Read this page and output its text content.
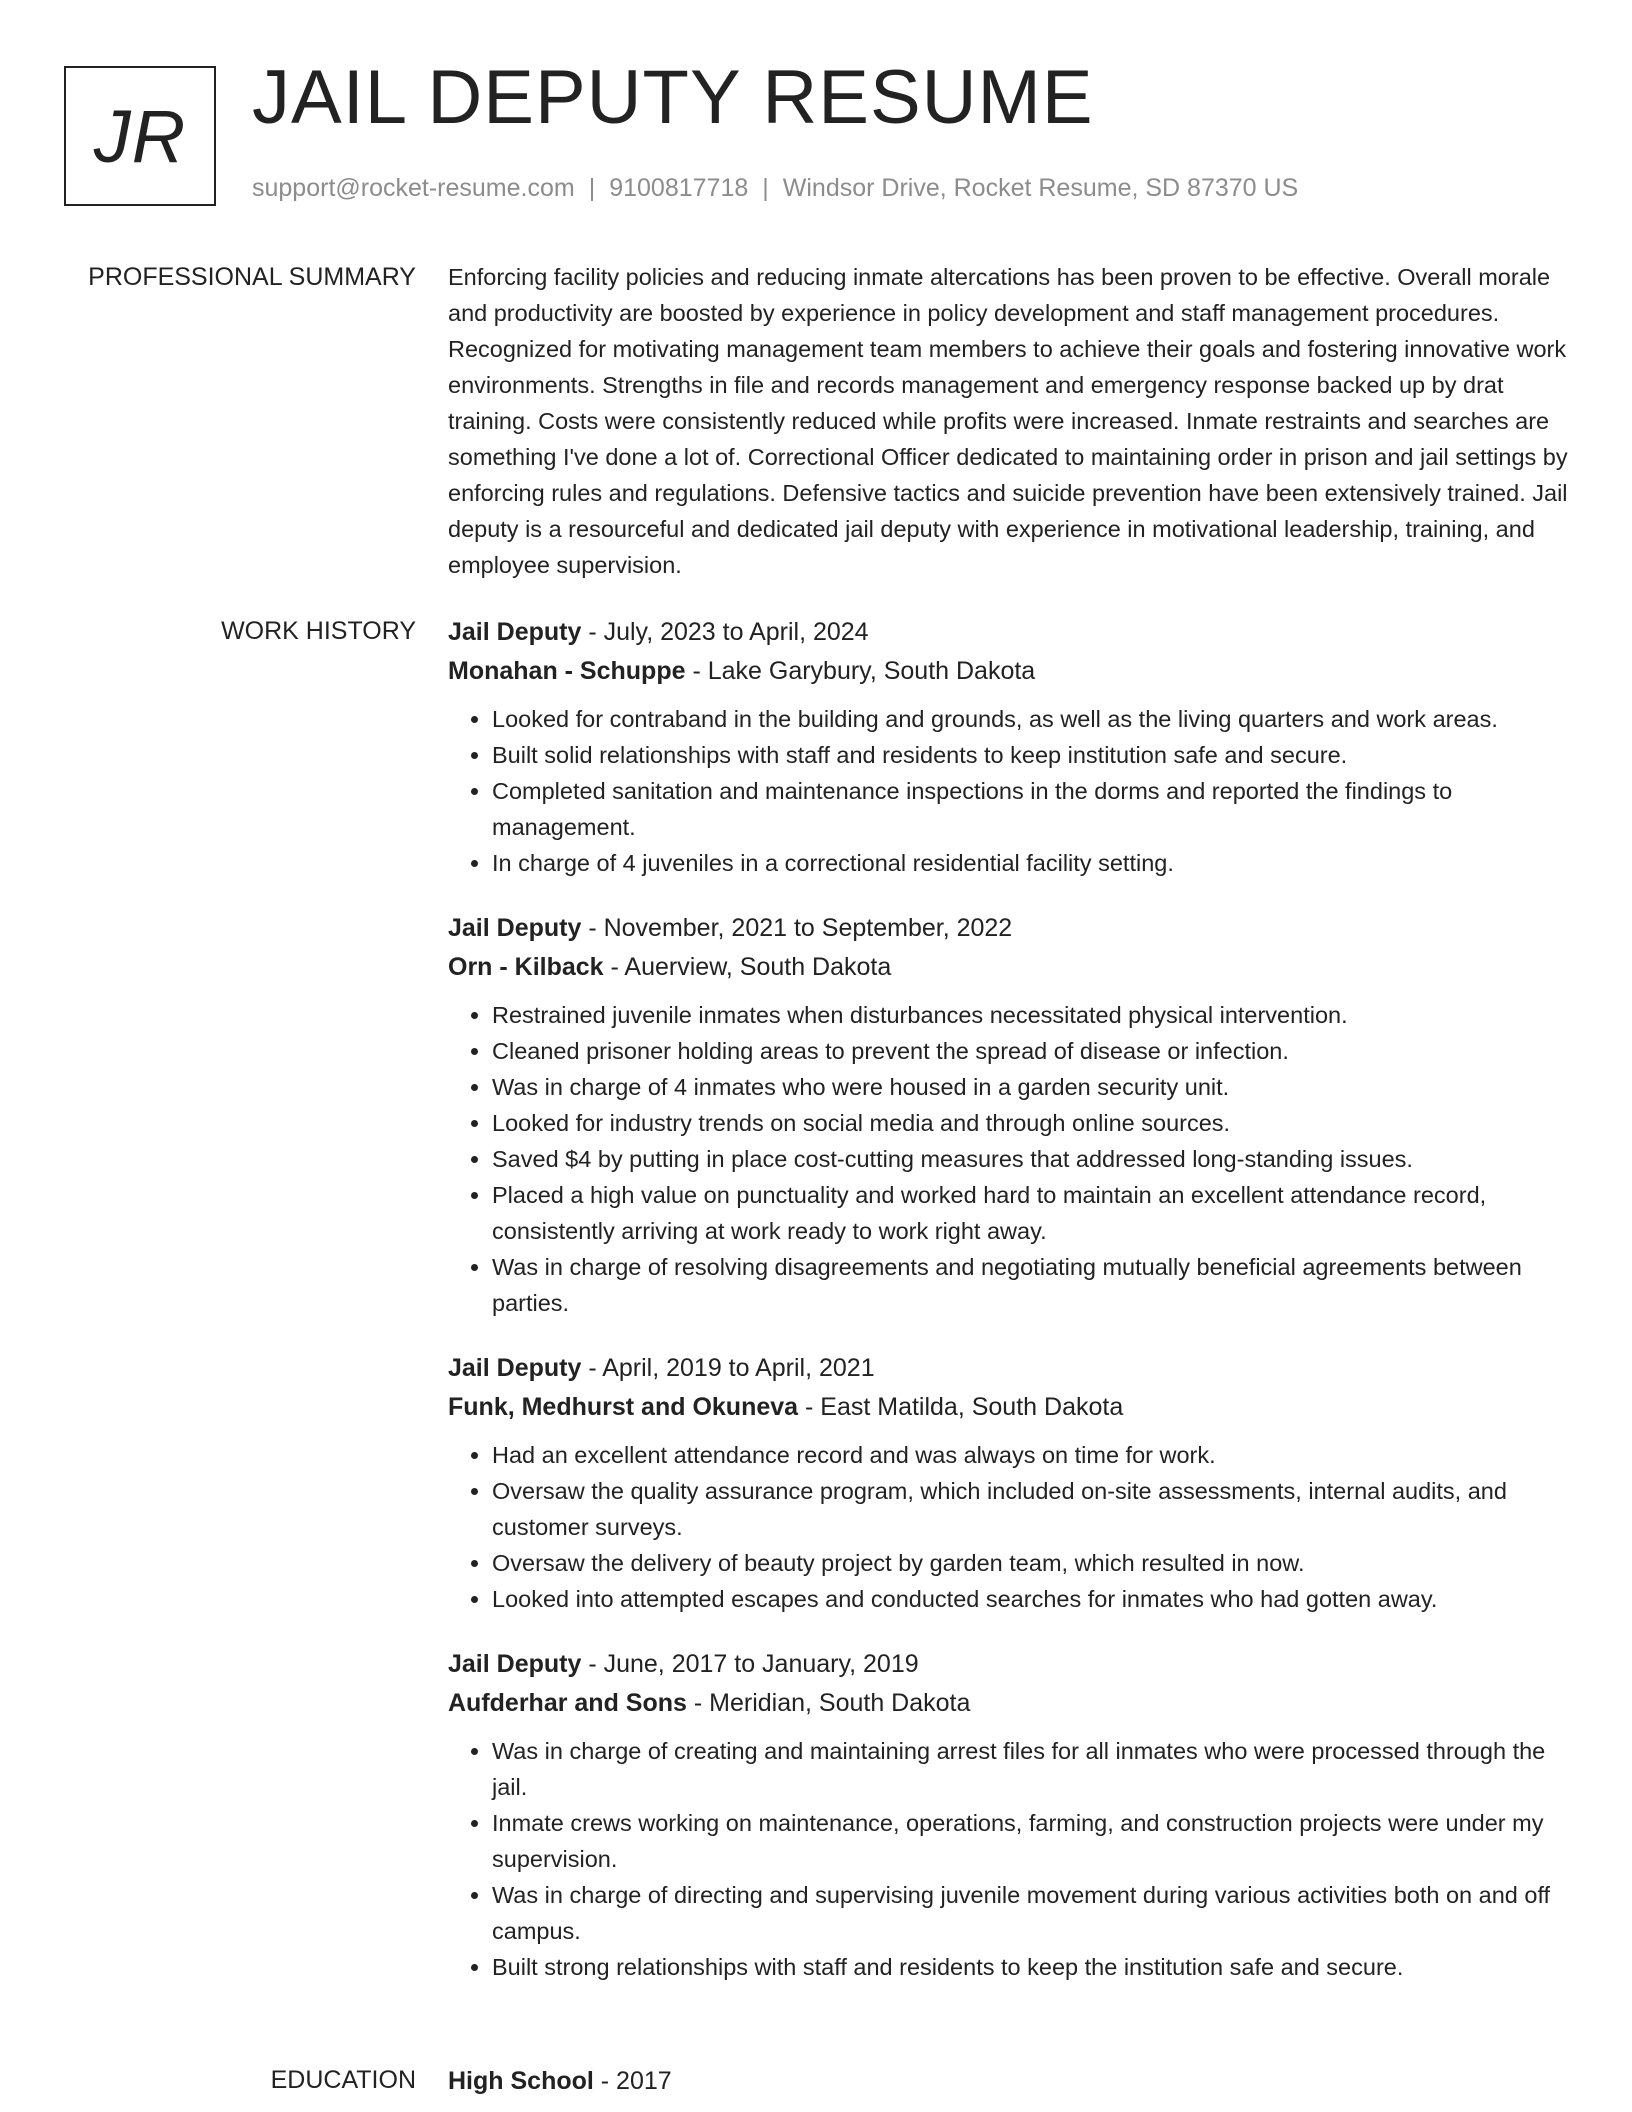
JR JAIL DEPUTY RESUME
support@rocket-resume.com | 9100817718 | Windsor Drive, Rocket Resume, SD 87370 US
PROFESSIONAL SUMMARY Enforcing facility policies and reducing inmate altercations has been proven to be effective. Overall morale and productivity are boosted by experience in policy development and staff management procedures. Recognized for motivating management team members to achieve their goals and fostering innovative work environments. Strengths in file and records management and emergency response backed up by drat training. Costs were consistently reduced while profits were increased. Inmate restraints and searches are something I've done a lot of. Correctional Officer dedicated to maintaining order in prison and jail settings by enforcing rules and regulations. Defensive tactics and suicide prevention have been extensively trained. Jail deputy is a resourceful and dedicated jail deputy with experience in motivational leadership, training, and employee supervision.

WORK HISTORY Jail Deputy - July, 2023 to April, 2024
Monahan - Schuppe - Lake Garybury, South Dakota
• Looked for contraband in the building and grounds, as well as the living quarters and work areas.
• Built solid relationships with staff and residents to keep institution safe and secure.
• Completed sanitation and maintenance inspections in the dorms and reported the findings to management.
• In charge of 4 juveniles in a correctional residential facility setting.
Jail Deputy - November, 2021 to September, 2022
Orn - Kilback - Auerview, South Dakota
• Restrained juvenile inmates when disturbances necessitated physical intervention.
• Cleaned prisoner holding areas to prevent the spread of disease or infection.
• Was in charge of 4 inmates who were housed in a garden security unit.
• Looked for industry trends on social media and through online sources.
• Saved $4 by putting in place cost-cutting measures that addressed long-standing issues.
• Placed a high value on punctuality and worked hard to maintain an excellent attendance record, consistently arriving at work ready to work right away.
• Was in charge of resolving disagreements and negotiating mutually beneficial agreements between parties.
Jail Deputy - April, 2019 to April, 2021
Funk, Medhurst and Okuneva - East Matilda, South Dakota
• Had an excellent attendance record and was always on time for work.
• Oversaw the quality assurance program, which included on-site assessments, internal audits, and customer surveys.
• Oversaw the delivery of beauty project by garden team, which resulted in now.
• Looked into attempted escapes and conducted searches for inmates who had gotten away.
Jail Deputy - June, 2017 to January, 2019
Aufderhar and Sons - Meridian, South Dakota
• Was in charge of creating and maintaining arrest files for all inmates who were processed through the jail.
• Inmate crews working on maintenance, operations, farming, and construction projects were under my supervision.
• Was in charge of directing and supervising juvenile movement during various activities both on and off campus.
• Built strong relationships with staff and residents to keep the institution safe and secure.
EDUCATION High School - 2017
